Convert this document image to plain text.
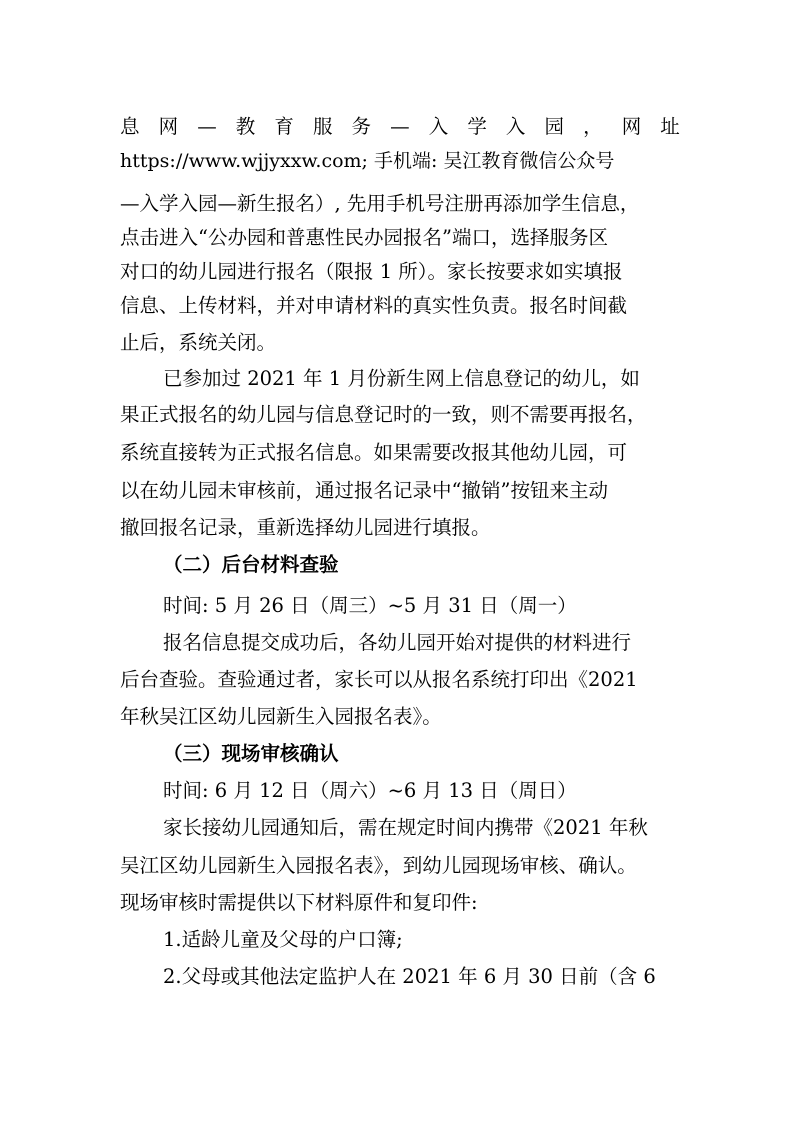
息 网 — 教 育 服 务 — 入 学 入 园 ， 网 址
https://www.wjjyxxw.com; 手机端: 吴江教育微信公众号
—入学入园—新生报名）, 先用手机号注册再添加学生信息，
点击进入“公办园和普惠性民办园报名”端口，选择服务区
对口的幼儿园进行报名（限报 1 所）。家长按要求如实填报
信息、上传材料，并对申请材料的真实性负责。报名时间截
止后，系统关闭。
已参加过 2021 年 1 月份新生网上信息登记的幼儿，如
果正式报名的幼儿园与信息登记时的一致，则不需要再报名，
系统直接转为正式报名信息。如果需要改报其他幼儿园，可
以在幼儿园未审核前，通过报名记录中“撤销”按钮来主动
撤回报名记录，重新选择幼儿园进行填报。
（二）后台材料查验
时间: 5 月 26 日（周三）~5 月 31 日（周一）
报名信息提交成功后，各幼儿园开始对提供的材料进行
后台查验。查验通过者，家长可以从报名系统打印出《2021
年秋吴江区幼儿园新生入园报名表》。
（三）现场审核确认
时间: 6 月 12 日（周六）~6 月 13 日（周日）
家长接幼儿园通知后，需在规定时间内携带《2021 年秋
吴江区幼儿园新生入园报名表》，到幼儿园现场审核、确认。
现场审核时需提供以下材料原件和复印件:
1.适龄儿童及父母的户口簿;
2.父母或其他法定监护人在 2021 年 6 月 30 日前（含 6
